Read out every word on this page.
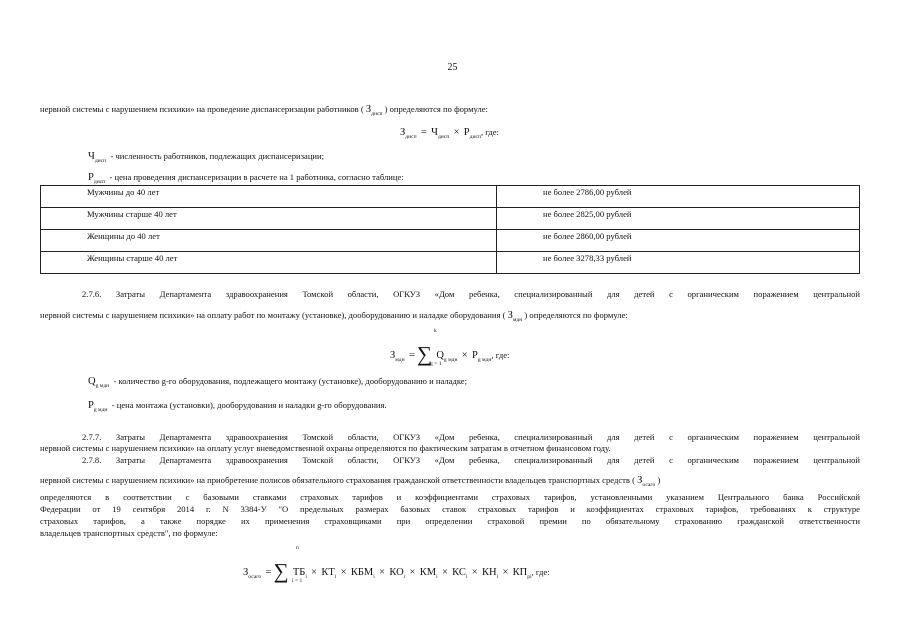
25
нервной системы с нарушением психики» на проведение диспансеризации работников ( $З_{дисп}$ ) определяются по формуле:
$З_{дисп} = Ч_{дисп} \times Р_{дисп}$, где:
$Ч_{дисп}$ - численность работников, подлежащих диспансеризации;
$Р_{дисп}$ - цена проведения диспансеризации в расчете на 1 работника, согласно таблице:
Мужчины до 40 лет	не более 2786,00 рублей
Мужчины старше 40 лет	не более 2825,00 рублей
Женщины до 40 лет	не более 2860,00 рублей
Женщины старше 40 лет	не более 3278,33 рублей
2.7.6. Затраты Департамента здравоохранения Томской области, ОГКУЗ «Дом ребенка, специализированный для детей с органическим поражением центральной
нервной системы с нарушением психики» на оплату работ по монтажу (установке), дооборудованию и наладке оборудования ( $З_{мдн}$ ) определяются по формуле:
k
g = 1
$З_{мдн}$ = ∑ $Q_{g мдн} \times Р_{g мдн}$, где:
$Q_{g мдн}$ - количество g-го оборудования, подлежащего монтажу (установке), дооборудованию и наладке;
$Р_{g мдн}$ - цена монтажа (установки), дооборудования и наладки g-го оборудования.
2.7.7. Затраты Департамента здравоохранения Томской области, ОГКУЗ «Дом ребенка, специализированный для детей с органическим поражением центральной
нервной системы с нарушением психики» на оплату услуг вневедомственной охраны определяются по фактическим затратам в отчетном финансовом году.
2.7.8. Затраты Департамента здравоохранения Томской области, ОГКУЗ «Дом ребенка, специализированный для детей с органическим поражением центральной
нервной системы с нарушением психики» на приобретение полисов обязательного страхования гражданской ответственности владельцев транспортных средств ( $З_{осаго}$ )
определяются в соответствии с базовыми ставками страховых тарифов и коэффициентами страховых тарифов, установленными указанием Центрального банка Российской
Федерации от 19 сентября 2014 г. N 3384-У "О предельных размерах базовых ставок страховых тарифов и коэффициентах страховых тарифов, требованиях к структуре
страховых тарифов, а также порядке их применения страховщиками при определении страховой премии по обязательному страхованию гражданской ответственности
владельцев транспортных средств", по формуле:
n
i = 1
$З_{осаго}$ = ∑ $ТБ_i \times КТ_i \times КБМ_i \times КО_i \times КМ_i \times КС_i \times КН_i \times КП_{pi}$, где:
